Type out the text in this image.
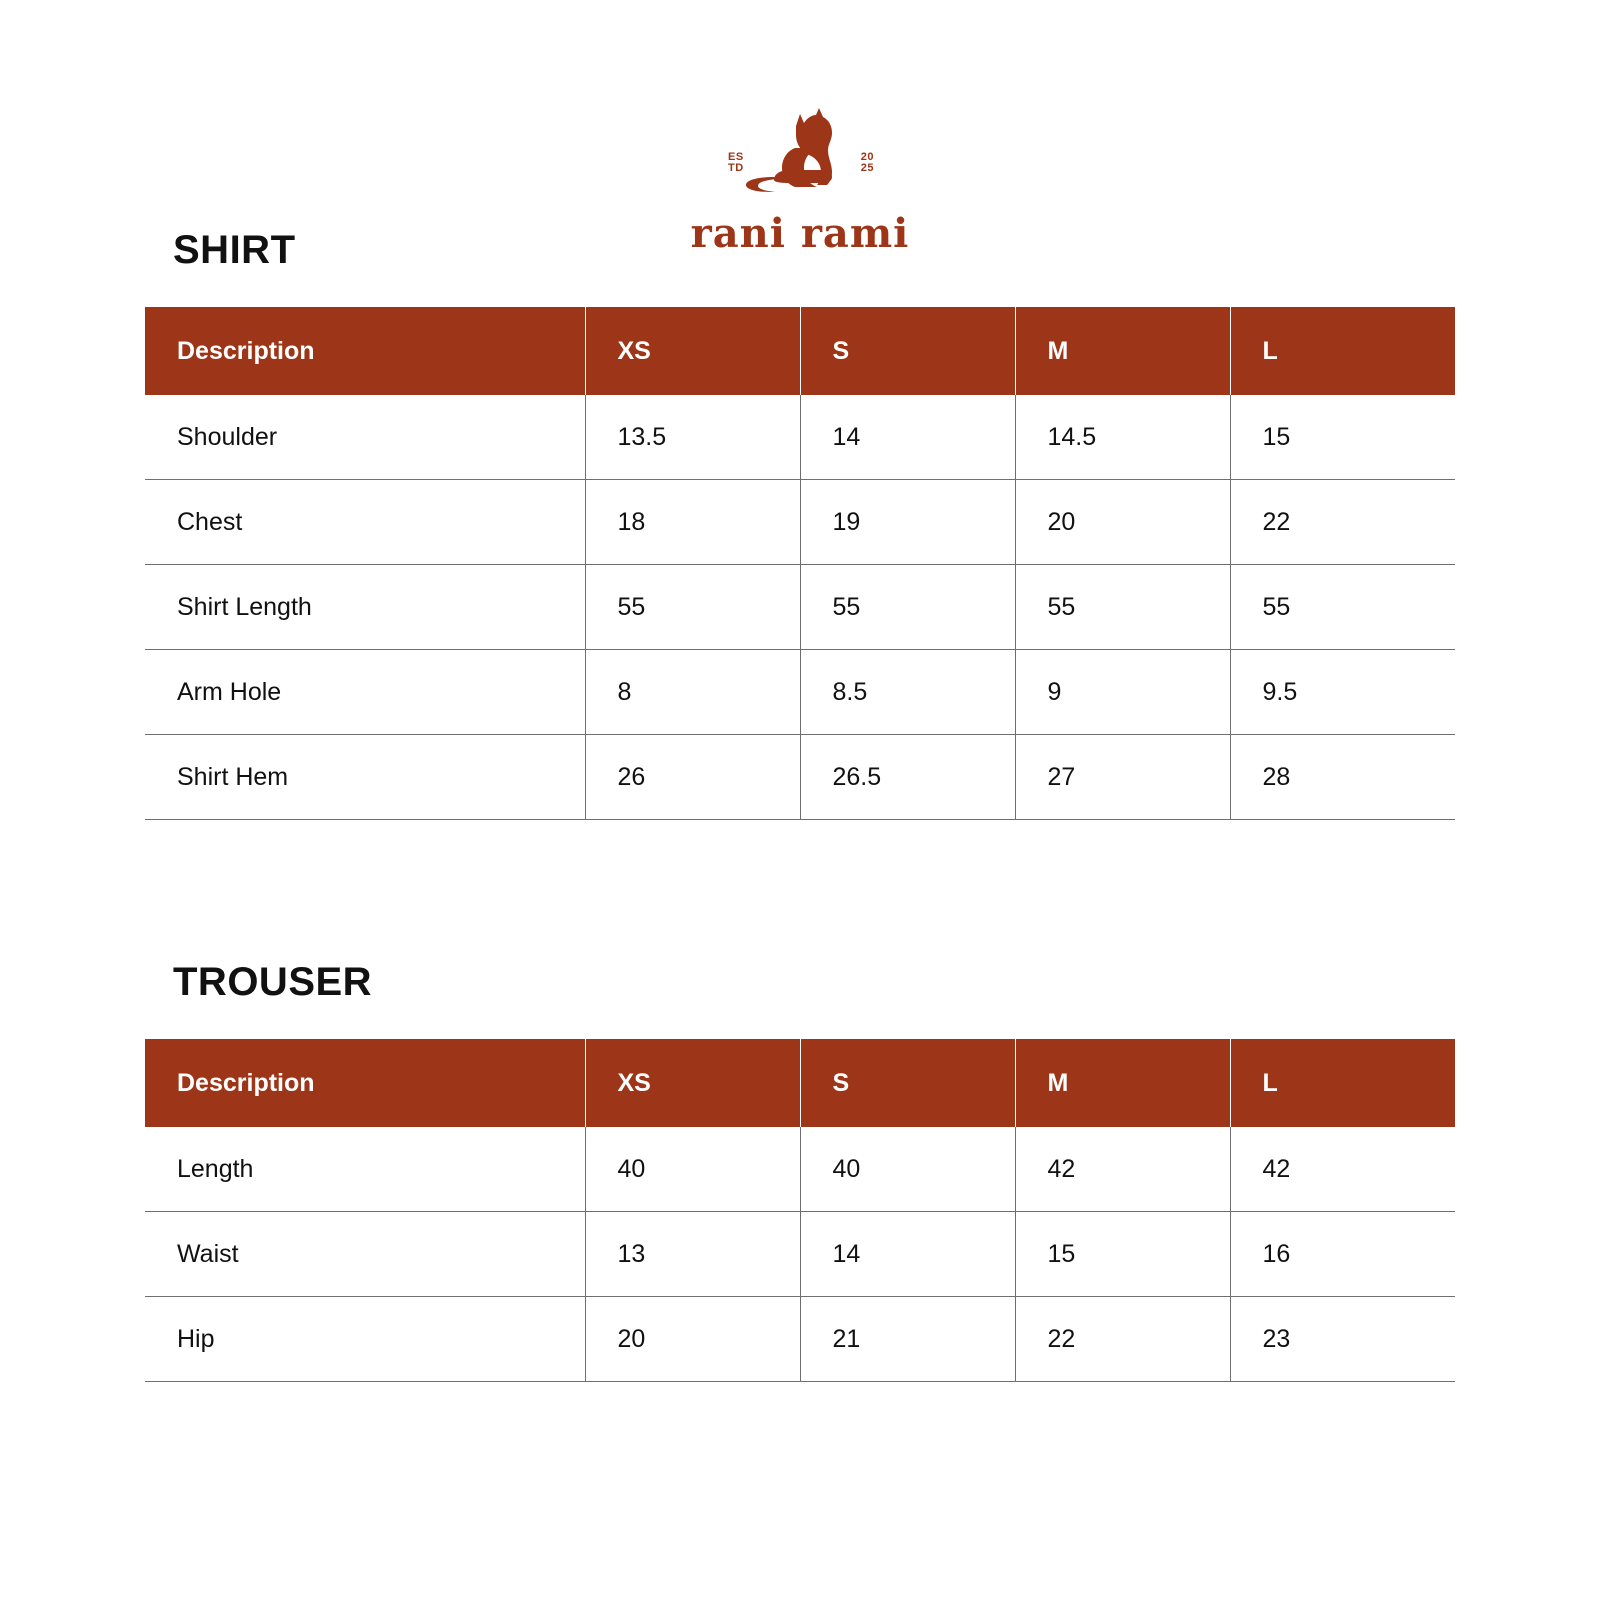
ES
TD
20
25
rani rami
SHIRT
Description	XS	S	M	L
Shoulder	13.5	14	14.5	15
Chest	18	19	20	22
Shirt Length	55	55	55	55
Arm Hole	8	8.5	9	9.5
Shirt Hem	26	26.5	27	28
TROUSER
Description	XS	S	M	L
Length	40	40	42	42
Waist	13	14	15	16
Hip	20	21	22	23
